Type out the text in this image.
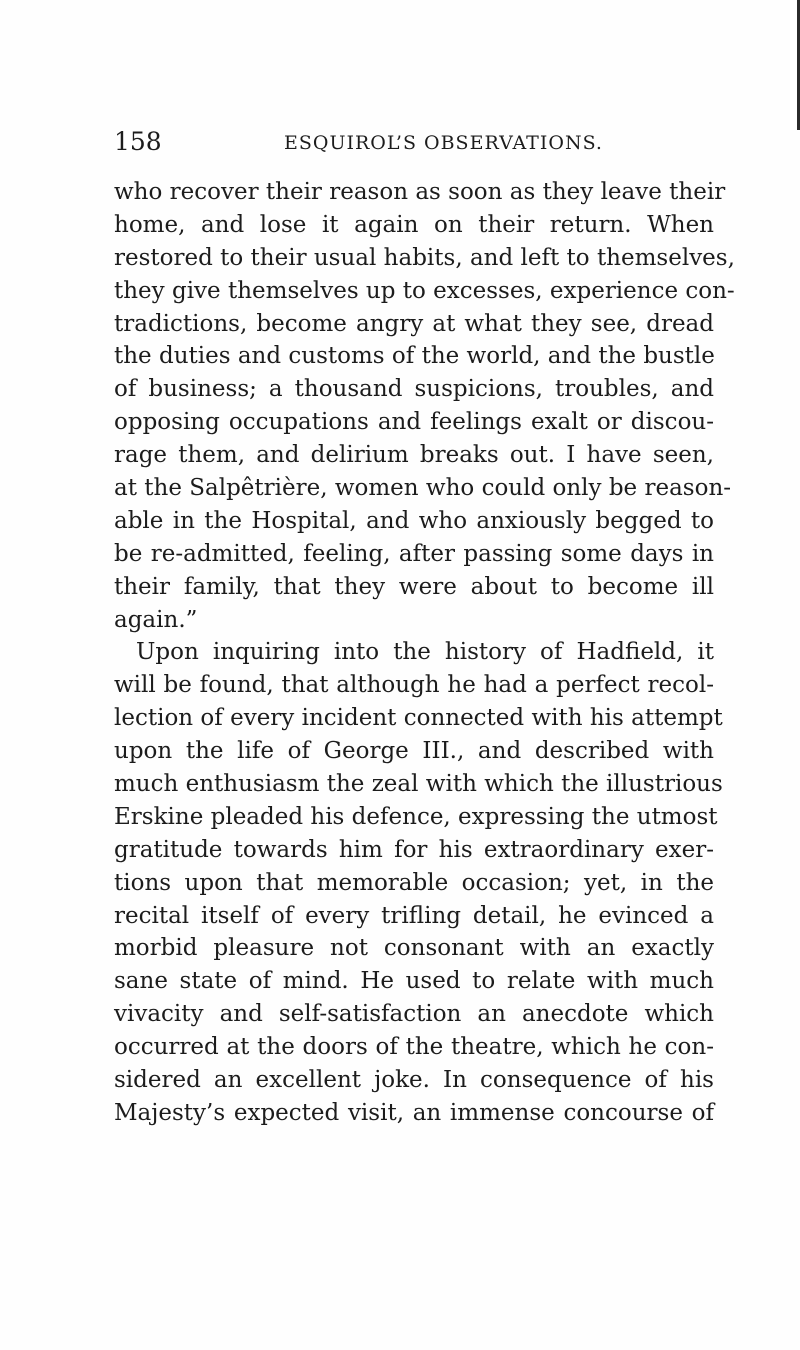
158	ESQUIROL’S OBSERVATIONS.
who recover their reason as soon as they leave their
home, and lose it again on their return. When
restored to their usual habits, and left to themselves,
they give themselves up to excesses, experience con-
tradictions, become angry at what they see, dread
the duties and customs of the world, and the bustle
of business; a thousand suspicions, troubles, and
opposing occupations and feelings exalt or discou-
rage them, and delirium breaks out. I have seen,
at the Salpêtrière, women who could only be reason-
able in the Hospital, and who anxiously begged to
be re-admitted, feeling, after passing some days in
their family, that they were about to become ill
again.”
Upon inquiring into the history of Hadfield, it
will be found, that although he had a perfect recol-
lection of every incident connected with his attempt
upon the life of George III., and described with
much enthusiasm the zeal with which the illustrious
Erskine pleaded his defence, expressing the utmost
gratitude towards him for his extraordinary exer-
tions upon that memorable occasion; yet, in the
recital itself of every trifling detail, he evinced a
morbid pleasure not consonant with an exactly
sane state of mind. He used to relate with much
vivacity and self-satisfaction an anecdote which
occurred at the doors of the theatre, which he con-
sidered an excellent joke. In consequence of his
Majesty’s expected visit, an immense concourse of
